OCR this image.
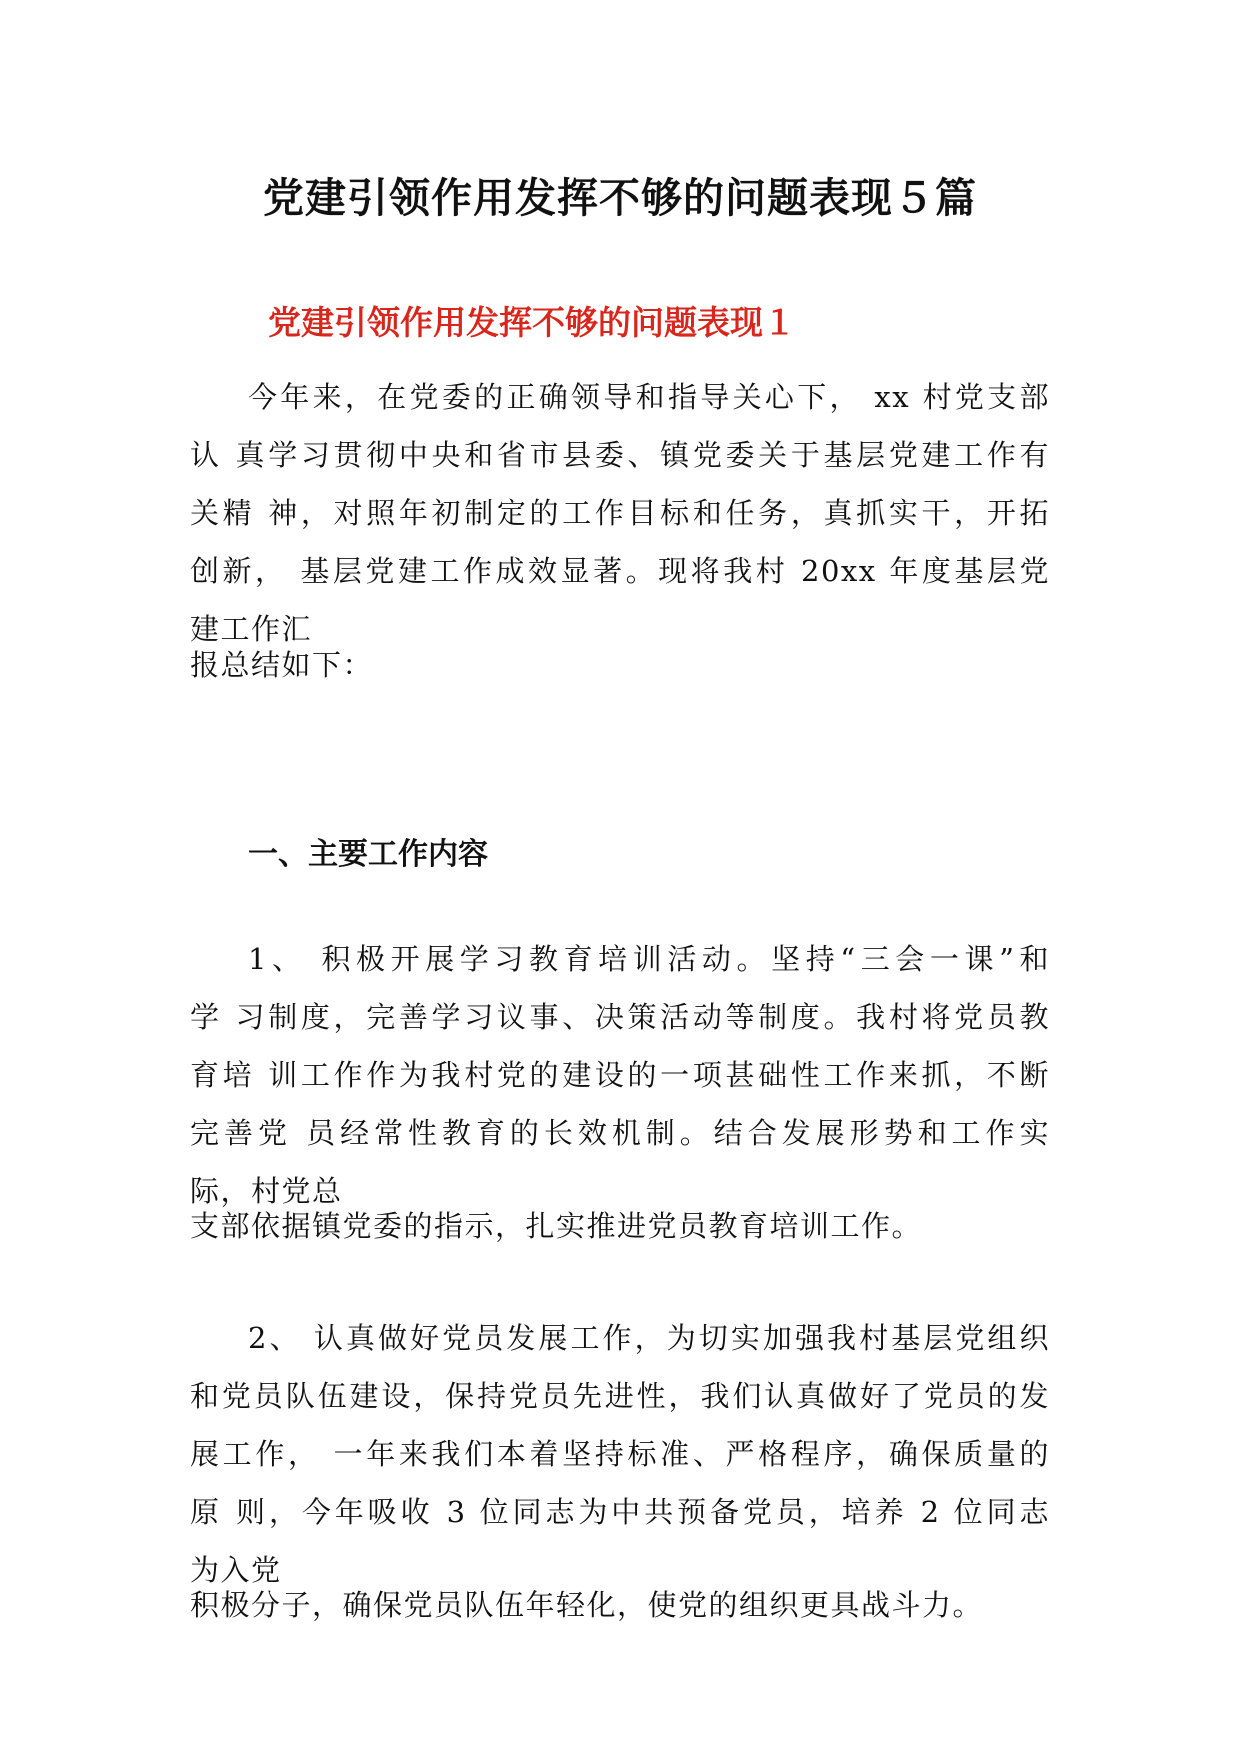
党建引领作用发挥不够的问题表现５篇
党建引领作用发挥不够的问题表现１

今年来，在党委的正确领导和指导关心下， xx 村党支部
认 真学习贯彻中央和省市县委、镇党委关于基层党建工作有
关精 神，对照年初制定的工作目标和任务，真抓实干，开拓
创新， 基层党建工作成效显著。现将我村 20xx 年度基层党
建工作汇

报总结如下：

一、主要工作内容

1、 积极开展学习教育培训活动。坚持“三会一课”和
学 习制度，完善学习议事、决策活动等制度。我村将党员教
育培 训工作作为我村党的建设的一项甚础性工作来抓，不断
完善党 员经常性教育的长效机制。结合发展形势和工作实
际，村党总

支部依据镇党委的指示，扎实推进党员教育培训工作。

2、 认真做好党员发展工作，为切实加强我村基层党组织
和党员队伍建设，保持党员先进性，我们认真做好了党员的发
展工作， 一年来我们本着坚持标准、严格程序，确保质量的
原 则，今年吸收 3 位同志为中共预备党员，培养 2 位同志
为入党

积极分子，确保党员队伍年轻化，使党的组织更具战斗力。
